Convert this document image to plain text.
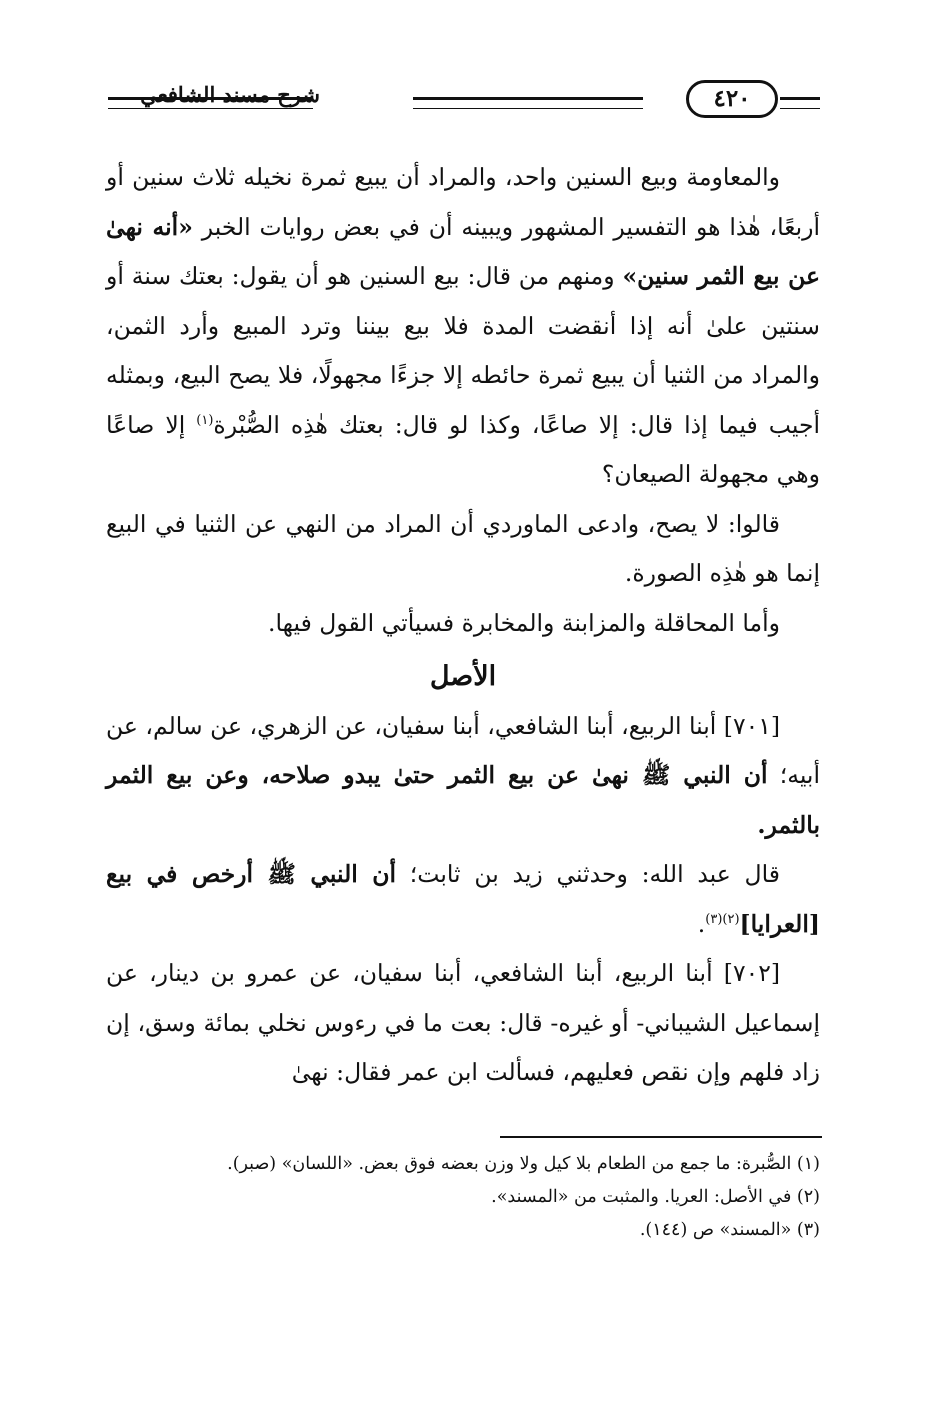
شرح مسند الشافعي	٤٢٠

والمعاومة وبيع السنين واحد، والمراد أن يبيع ثمرة نخيله ثلاث سنين أو أربعًا، هٰذا هو التفسير المشهور ويبينه أن في بعض روايات الخبر «أنه نهىٰ عن بيع الثمر سنين» ومنهم من قال: بيع السنين هو أن يقول: بعتك سنة أو سنتين علىٰ أنه إذا أنقضت المدة فلا بيع بيننا وترد المبيع وأرد الثمن، والمراد من الثنيا أن يبيع ثمرة حائطه إلا جزءًا مجهولًا، فلا يصح البيع، وبمثله أجيب فيما إذا قال: إلا صاعًا، وكذا لو قال: بعتك هٰذِه الصُّبْرة$^{(١)}$ إلا صاعًا وهي مجهولة الصيعان؟

قالوا: لا يصح، وادعى الماوردي أن المراد من النهي عن الثنيا في البيع إنما هو هٰذِه الصورة.

وأما المحاقلة والمزابنة والمخابرة فسيأتي القول فيها.

الأصل

[٧٠١] أبنا الربيع، أبنا الشافعي، أبنا سفيان، عن الزهري، عن سالم، عن أبيه؛ أن النبي ﷺ نهىٰ عن بيع الثمر حتىٰ يبدو صلاحه، وعن بيع الثمر بالثمر.

قال عبد الله: وحدثني زيد بن ثابت؛ أن النبي ﷺ أرخص في بيع [العرايا]$^{(٢)(٣)}$.

[٧٠٢] أبنا الربيع، أبنا الشافعي، أبنا سفيان، عن عمرو بن دينار، عن إسماعيل الشيباني- أو غيره- قال: بعت ما في رءوس نخلي بمائة وسق، إن زاد فلهم وإن نقص فعليهم، فسألت ابن عمر فقال: نهىٰ

(١) الصُّبرة: ما جمع من الطعام بلا كيل ولا وزن بعضه فوق بعض. «اللسان» (صبر).
(٢) في الأصل: العريا. والمثبت من «المسند».
(٣) «المسند» ص (١٤٤).
